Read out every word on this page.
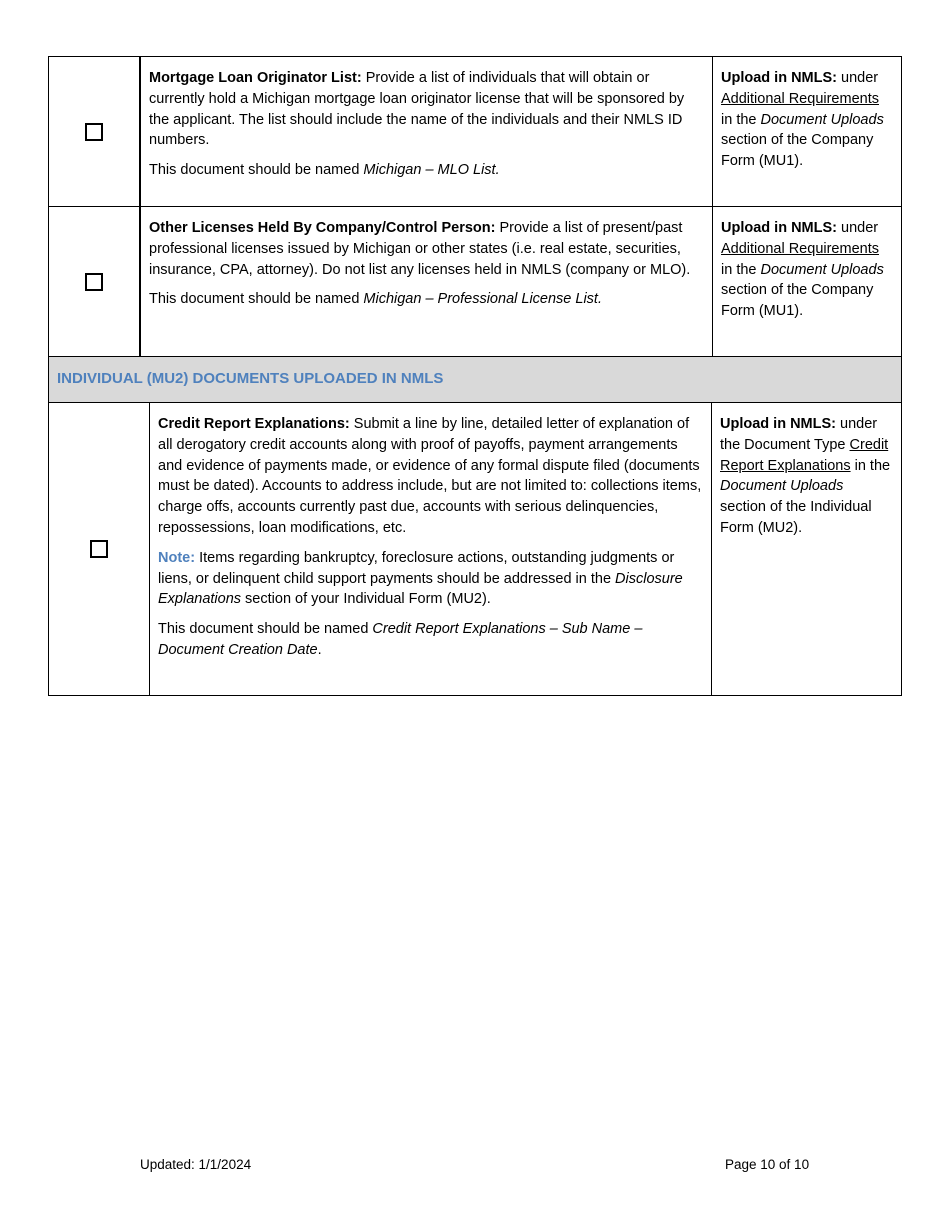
Mortgage Loan Originator List: Provide a list of individuals that will obtain or currently hold a Michigan mortgage loan originator license that will be sponsored by the applicant. The list should include the name of the individuals and their NMLS ID numbers.

This document should be named Michigan – MLO List.

Upload in NMLS: under Additional Requirements in the Document Uploads section of the Company Form (MU1).

Other Licenses Held By Company/Control Person: Provide a list of present/past professional licenses issued by Michigan or other states (i.e. real estate, securities, insurance, CPA, attorney). Do not list any licenses held in NMLS (company or MLO).

This document should be named Michigan – Professional License List.

Upload in NMLS: under Additional Requirements in the Document Uploads section of the Company Form (MU1).
INDIVIDUAL (MU2) DOCUMENTS UPLOADED IN NMLS

Credit Report Explanations: Submit a line by line, detailed letter of explanation of all derogatory credit accounts along with proof of payoffs, payment arrangements and evidence of payments made, or evidence of any formal dispute filed (documents must be dated). Accounts to address include, but are not limited to: collections items, charge offs, accounts currently past due, accounts with serious delinquencies, repossessions, loan modifications, etc.

Note: Items regarding bankruptcy, foreclosure actions, outstanding judgments or liens, or delinquent child support payments should be addressed in the Disclosure Explanations section of your Individual Form (MU2).

This document should be named Credit Report Explanations – Sub Name – Document Creation Date.

Upload in NMLS: under the Document Type Credit Report Explanations in the Document Uploads section of the Individual Form (MU2).
Updated: 1/1/2024	Page 10 of 10
